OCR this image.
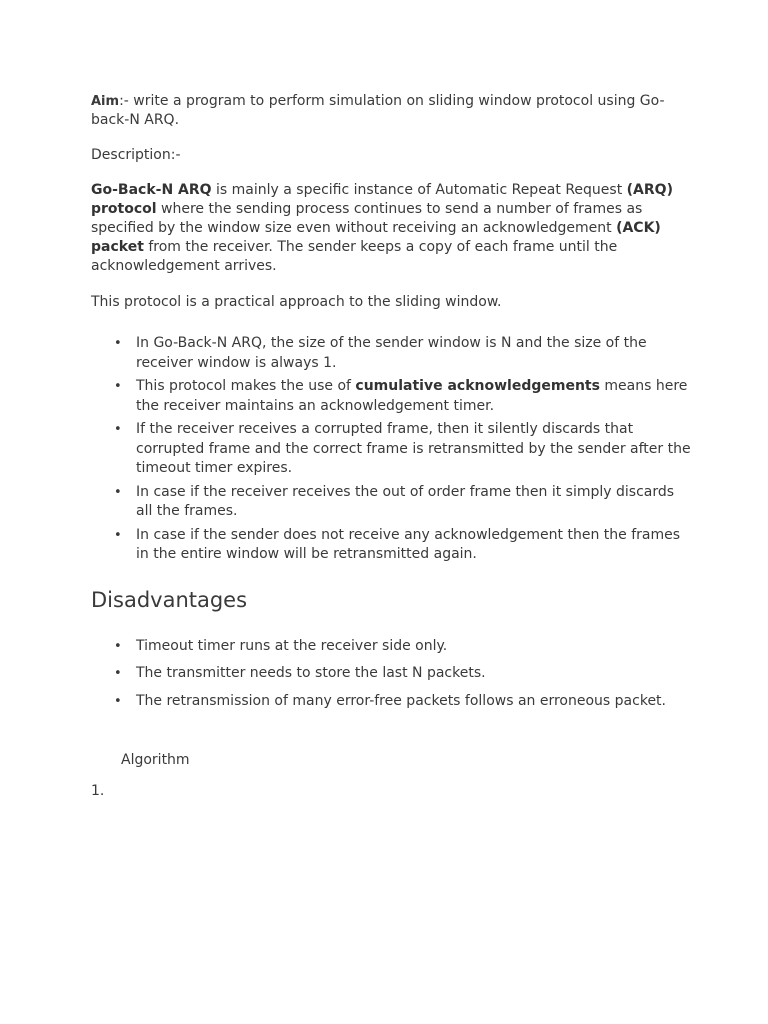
Aim:- write a program to perform simulation on sliding window protocol using Go-back-N ARQ.

Description:-

Go-Back-N ARQ is mainly a specific instance of Automatic Repeat Request (ARQ) protocol where the sending process continues to send a number of frames as specified by the window size even without receiving an acknowledgement (ACK) packet from the receiver. The sender keeps a copy of each frame until the acknowledgement arrives.

This protocol is a practical approach to the sliding window.

• In Go-Back-N ARQ, the size of the sender window is N and the size of the receiver window is always 1.
• This protocol makes the use of cumulative acknowledgements means here the receiver maintains an acknowledgement timer.
• If the receiver receives a corrupted frame, then it silently discards that corrupted frame and the correct frame is retransmitted by the sender after the timeout timer expires.
• In case if the receiver receives the out of order frame then it simply discards all the frames.
• In case if the sender does not receive any acknowledgement then the frames in the entire window will be retransmitted again.
Disadvantages
• Timeout timer runs at the receiver side only.
• The transmitter needs to store the last N packets.
• The retransmission of many error-free packets follows an erroneous packet.

Algorithm

1.
